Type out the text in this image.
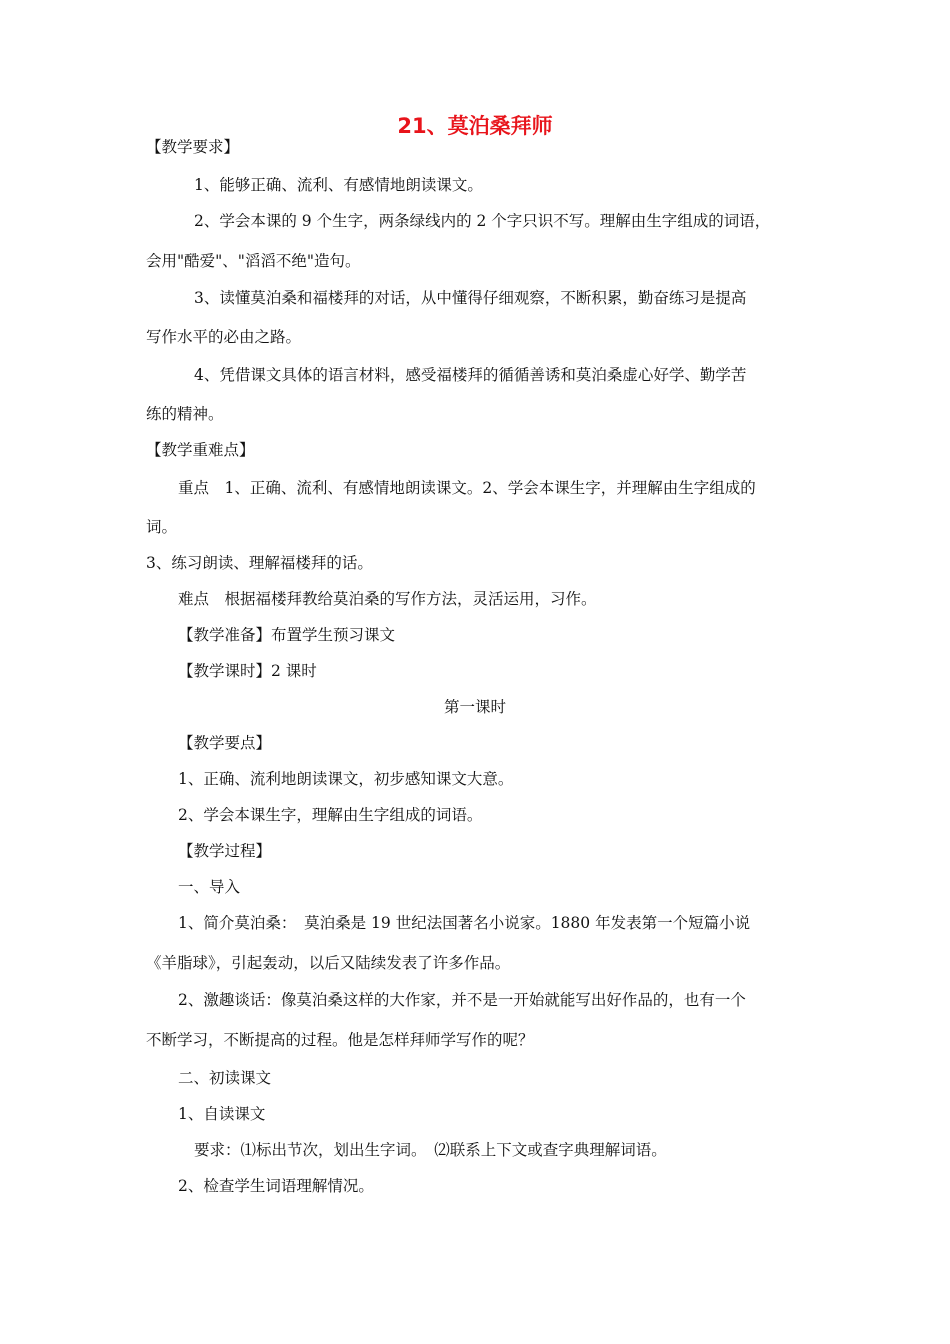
21、莫泊桑拜师
【教学要求】
1、能够正确、流利、有感情地朗读课文。
2、学会本课的 9 个生字，两条绿线内的 2 个字只识不写。理解由生字组成的词语，
会用"酷爱"、"滔滔不绝"造句。
3、读懂莫泊桑和福楼拜的对话，从中懂得仔细观察，不断积累，勤奋练习是提高
写作水平的必由之路。
4、凭借课文具体的语言材料，感受福楼拜的循循善诱和莫泊桑虚心好学、勤学苦
练的精神。
【教学重难点】
重点　1、正确、流利、有感情地朗读课文。2、学会本课生字，并理解由生字组成的
词。
3、练习朗读、理解福楼拜的话。
难点　根据福楼拜教给莫泊桑的写作方法，灵活运用，习作。
【教学准备】布置学生预习课文
【教学课时】2 课时
第一课时
【教学要点】
1、正确、流利地朗读课文，初步感知课文大意。
2、学会本课生字，理解由生字组成的词语。
【教学过程】
一、导入
1、简介莫泊桑：　莫泊桑是 19 世纪法国著名小说家。1880 年发表第一个短篇小说
《羊脂球》，引起轰动，以后又陆续发表了许多作品。
2、激趣谈话：像莫泊桑这样的大作家，并不是一开始就能写出好作品的，也有一个
不断学习，不断提高的过程。他是怎样拜师学写作的呢？
二、初读课文
1、自读课文
要求：⑴标出节次，划出生字词。　⑵联系上下文或查字典理解词语。
2、检查学生词语理解情况。
